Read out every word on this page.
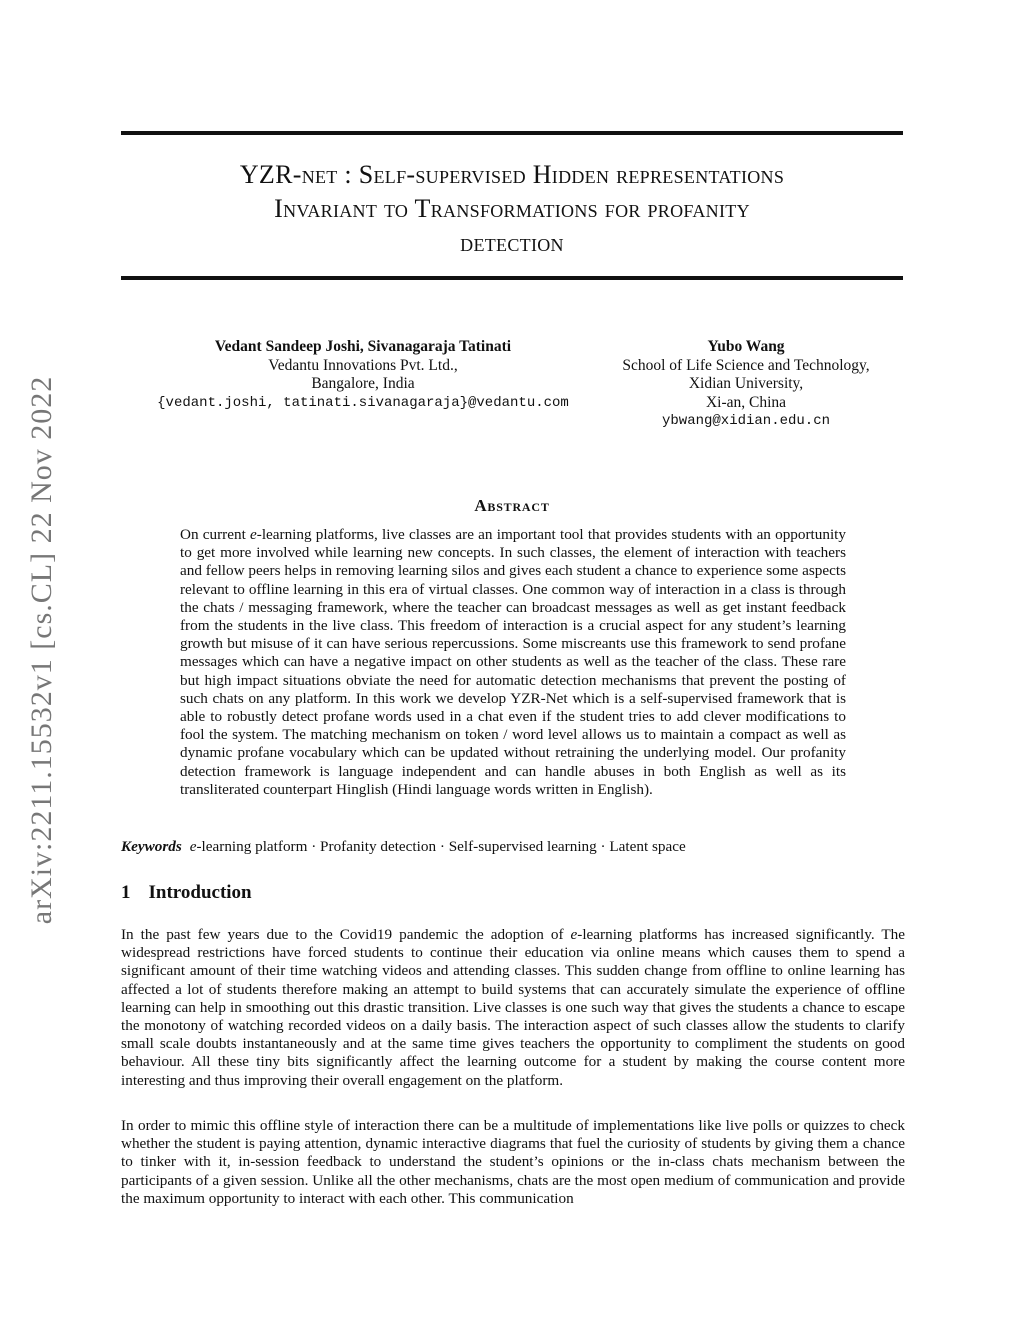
arXiv:2211.15532v1 [cs.CL] 22 Nov 2022
YZR-net : Self-supervised Hidden representations
Invariant to Transformations for profanity
detection
Vedant Sandeep Joshi, Sivanagaraja Tatinati
Vedantu Innovations Pvt. Ltd.,
Bangalore, India
{vedant.joshi, tatinati.sivanagaraja}@vedantu.com
Yubo Wang
School of Life Science and Technology,
Xidian University,
Xi-an, China
ybwang@xidian.edu.cn
Abstract

On current e-learning platforms, live classes are an important tool that provides students with an opportunity to get more involved while learning new concepts. In such classes, the element of interaction with teachers and fellow peers helps in removing learning silos and gives each student a chance to experience some aspects relevant to offline learning in this era of virtual classes. One common way of interaction in a class is through the chats / messaging framework, where the teacher can broadcast messages as well as get instant feedback from the students in the live class. This freedom of interaction is a crucial aspect for any student’s learning growth but misuse of it can have serious repercussions. Some miscreants use this framework to send profane messages which can have a negative impact on other students as well as the teacher of the class. These rare but high impact situations obviate the need for automatic detection mechanisms that prevent the posting of such chats on any platform. In this work we develop YZR-Net which is a self-supervised framework that is able to robustly detect profane words used in a chat even if the student tries to add clever modifications to fool the system. The matching mechanism on token / word level allows us to maintain a compact as well as dynamic profane vocabulary which can be updated without retraining the underlying model. Our profanity detection framework is language independent and can handle abuses in both English as well as its transliterated counterpart Hinglish (Hindi language words written in English).

Keywords e-learning platform · Profanity detection · Self-supervised learning · Latent space
1 Introduction

In the past few years due to the Covid19 pandemic the adoption of e-learning platforms has increased significantly. The widespread restrictions have forced students to continue their education via online means which causes them to spend a significant amount of their time watching videos and attending classes. This sudden change from offline to online learning has affected a lot of students therefore making an attempt to build systems that can accurately simulate the experience of offline learning can help in smoothing out this drastic transition. Live classes is one such way that gives the students a chance to escape the monotony of watching recorded videos on a daily basis. The interaction aspect of such classes allow the students to clarify small scale doubts instantaneously and at the same time gives teachers the opportunity to compliment the students on good behaviour. All these tiny bits significantly affect the learning outcome for a student by making the course content more interesting and thus improving their overall engagement on the platform.

In order to mimic this offline style of interaction there can be a multitude of implementations like live polls or quizzes to check whether the student is paying attention, dynamic interactive diagrams that fuel the curiosity of students by giving them a chance to tinker with it, in-session feedback to understand the student’s opinions or the in-class chats mechanism between the participants of a given session. Unlike all the other mechanisms, chats are the most open medium of communication and provide the maximum opportunity to interact with each other. This communication
